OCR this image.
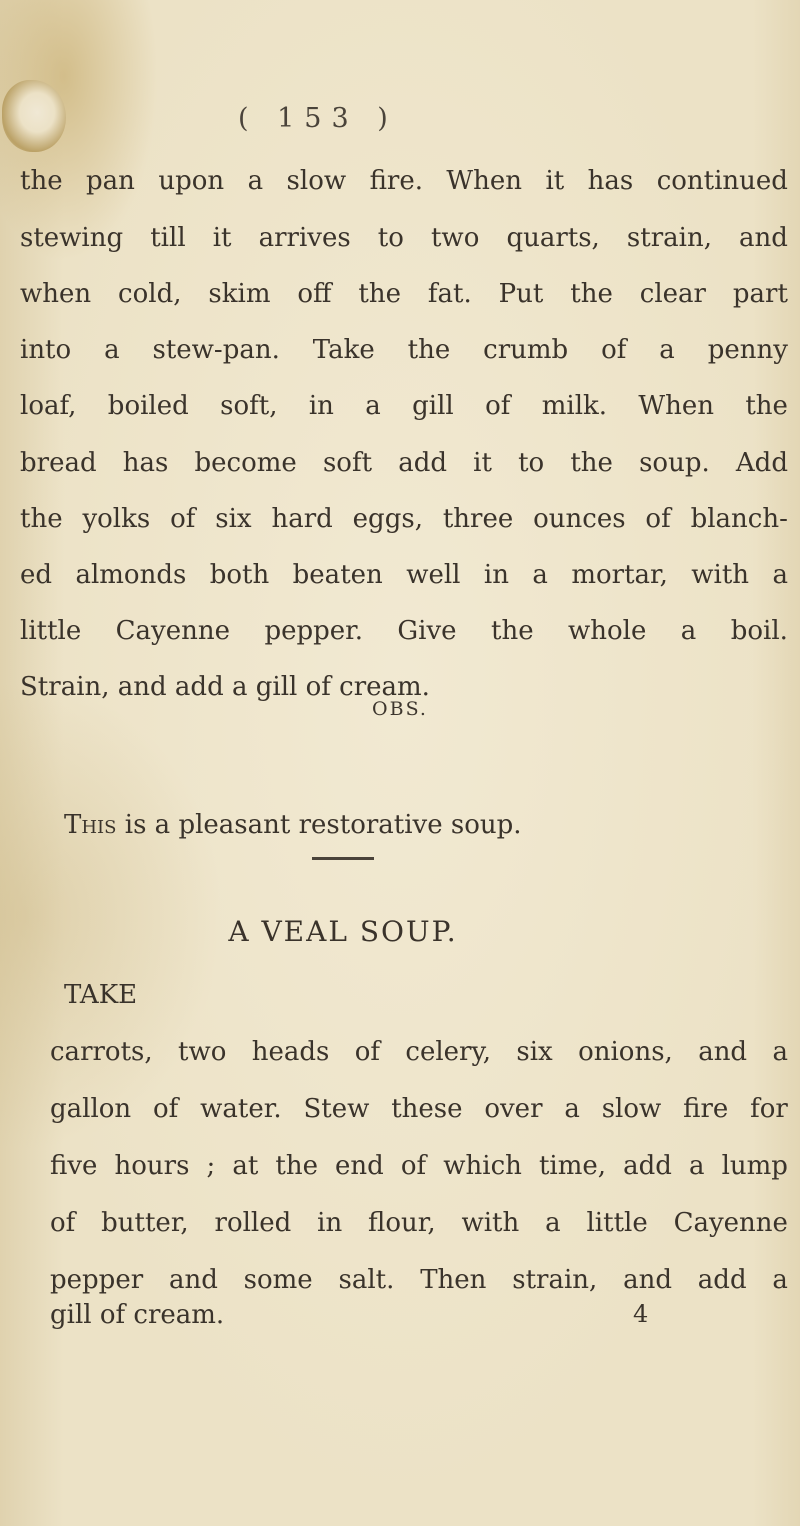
( 153 )
the pan upon a slow fire. When it has continued
stewing till it arrives to two quarts, strain, and
when cold, skim off the fat. Put the clear part
into a stew-pan. Take the crumb of a penny
loaf, boiled soft, in a gill of milk. When the
bread has become soft add it to the soup. Add
the yolks of six hard eggs, three ounces of blanch-
ed almonds both beaten well in a mortar, with a
little Cayenne pepper. Give the whole a boil.
Strain, and add a gill of cream.
OBS.
This is a pleasant restorative soup.
A VEAL SOUP.
TAKE
carrots, two heads of celery, six onions, and a
gallon of water. Stew these over a slow fire for
five hours ; at the end of which time, add a lump
of butter, rolled in flour, with a little Cayenne
pepper and some salt. Then strain, and add a
gill of cream.	4
